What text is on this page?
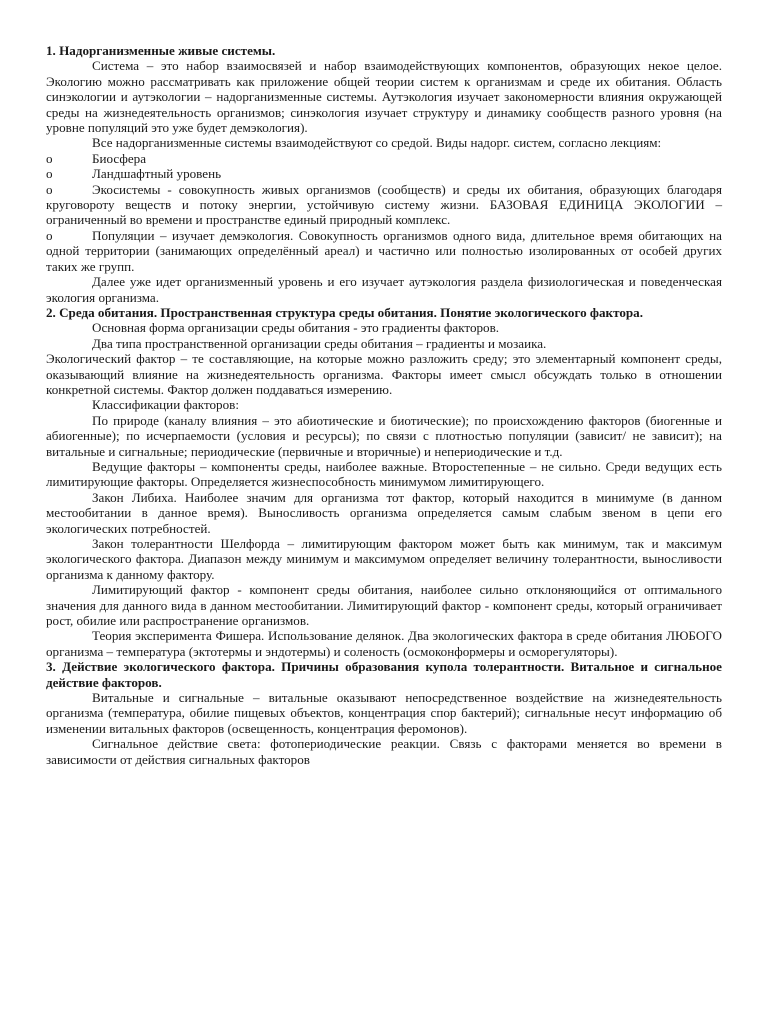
1. Надорганизменные живые системы.

Система – это набор взаимосвязей и набор взаимодействующих компонентов, образующих некое целое. Экологию можно рассматривать как приложение общей теории систем к организмам и среде их обитания. Область синэкологии и аутэкологии – надорганизменные системы. Аутэкология изучает закономерности влияния окружающей среды на жизнедеятельность организмов; синэкология изучает структуру и динамику сообществ разного уровня (на уровне популяций это уже будет демэкология).

Все надорганизменные системы взаимодействуют со средой. Виды надорг. систем, согласно лекциям:

o	Биосфера

o	Ландшафтный уровень

o	Экосистемы - совокупность живых организмов (сообществ) и среды их обитания, образующих благодаря круговороту веществ и потоку энергии, устойчивую систему жизни. БАЗОВАЯ ЕДИНИЦА ЭКОЛОГИИ – ограниченный во времени и пространстве единый природный комплекс.

o	Популяции – изучает демэкология. Совокупность организмов одного вида, длительное время обитающих на одной территории (занимающих определённый ареал) и частично или полностью изолированных от особей других таких же групп.

Далее уже идет организменный уровень и его изучает аутэкология раздела физиологическая и поведенческая экология организма.

2. Среда обитания. Пространственная структура среды обитания. Понятие экологического фактора.

Основная форма организации среды обитания - это градиенты факторов.

Два типа пространственной организации среды обитания – градиенты и мозаика.

Экологический фактор – те составляющие, на которые можно разложить среду; это элементарный компонент среды, оказывающий влияние на жизнедеятельность организма. Факторы имеет смысл обсуждать только в отношении конкретной системы. Фактор должен поддаваться измерению.

Классификации факторов:

По природе (каналу влияния – это абиотические и биотические); по происхождению факторов (биогенные и абиогенные); по исчерпаемости (условия и ресурсы); по связи с плотностью популяции (зависит/ не зависит); на витальные и сигнальные; периодические (первичные и вторичные) и непериодические и т.д.

Ведущие факторы – компоненты среды, наиболее важные. Второстепенные – не сильно. Среди ведущих есть лимитирующие факторы. Определяется жизнеспособность минимумом лимитирующего.

Закон Либиха. Наиболее значим для организма тот фактор, который находится в минимуме (в данном местообитании в данное время). Выносливость организма определяется самым слабым звеном в цепи его экологических потребностей.

Закон толерантности Шелфорда – лимитирующим фактором может быть как минимум, так и максимум экологического фактора. Диапазон между минимум и максимумом определяет величину толерантности, выносливости организма к данному фактору.

Лимитирующий фактор - компонент среды обитания, наиболее сильно отклоняющийся от оптимального значения для данного вида в данном местообитании. Лимитирующий фактор - компонент среды, который ограничивает рост, обилие или распространение организмов.

Теория эксперимента Фишера. Использование делянок. Два экологических фактора в среде обитания ЛЮБОГО организма – температура (эктотермы и эндотермы) и соленость (осмоконформеры и осморегуляторы).

3. Действие экологического фактора. Причины образования купола толерантности. Витальное и сигнальное действие факторов.

Витальные и сигнальные – витальные оказывают непосредственное воздействие на жизнедеятельность организма (температура, обилие пищевых объектов, концентрация спор бактерий); сигнальные несут информацию об изменении витальных факторов (освещенность, концентрация феромонов).

Сигнальное действие света: фотопериодические реакции. Связь с факторами меняется во времени в зависимости от действия сигнальных факторов
